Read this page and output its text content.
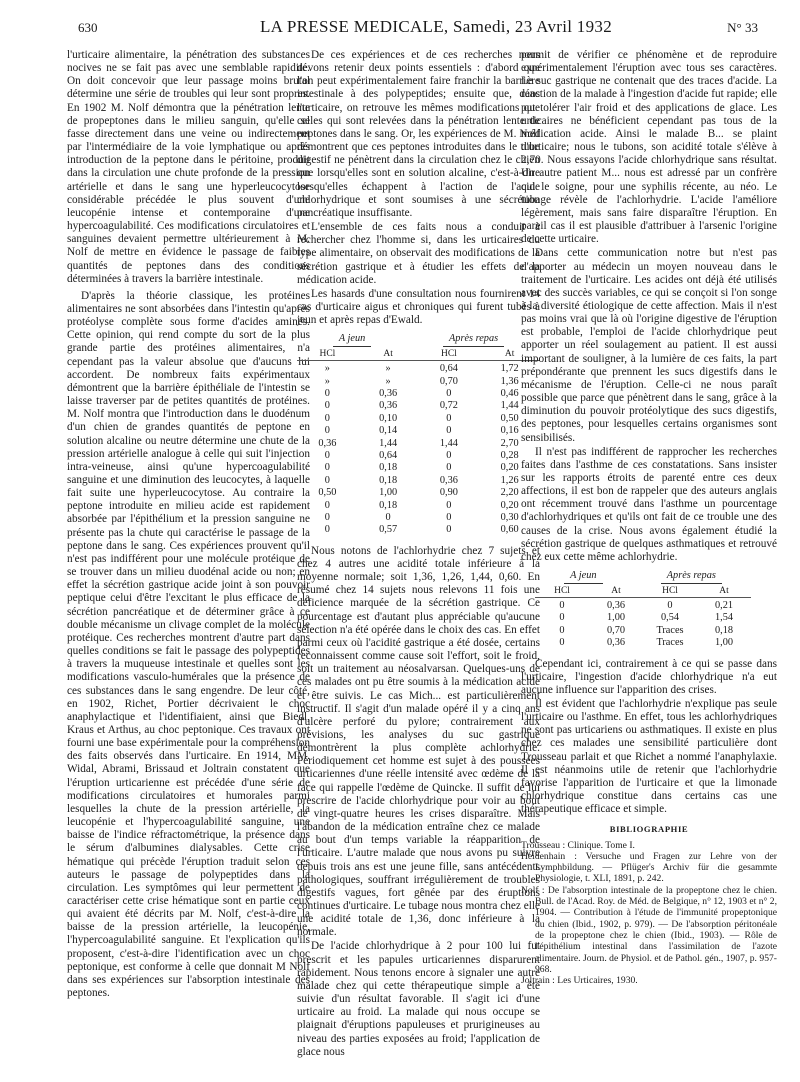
630	LA PRESSE MEDICALE, Samedi, 23 Avril 1932	N° 33

l'urticaire alimentaire, la pénétration des substances nocives ne se fait pas avec une semblable rapidité. On doit concevoir que leur passage moins brutal détermine une série de troubles qui leur sont propres. En 1902 M. Nolf démontra que la pénétration lente de propeptones dans le milieu sanguin, qu'elle se fasse directement dans une veine ou indirectement par l'intermédiaire de la voie lymphatique ou après introduction de la peptone dans le péritoine, produit dans la circulation une chute profonde de la pression artérielle et dans le sang une hyperleucocytose considérable précédée le plus souvent d'une leucopénie intense et contemporaine d'une hypercoagulabilité. Ces modifications circulatoires et sanguines devaient permettre ultérieurement à M. Nolf de mettre en évidence le passage de faibles quantités de peptones dans des conditions déterminées à travers la barrière intestinale.

D'après la théorie classique, les protéines alimentaires ne sont absorbées dans l'intestin qu'après protéolyse complète sous forme d'acides aminés. Cette opinion, qui rend compte du sort de la plus grande partie des protéines alimentaires, n'a cependant pas la valeur absolue que d'aucuns lui accordent. De nombreux faits expérimentaux démontrent que la barrière épithéliale de l'intestin se laisse traverser par de petites quantités de protéines. M. Nolf montra que l'introduction dans le duodénum d'un chien de grandes quantités de peptone en solution alcaline ou neutre détermine une chute de la pression artérielle analogue à celle qui suit l'injection intra-veineuse, ainsi qu'une hypercoagulabilité sanguine et une diminution des leucocytes, à laquelle fait suite une hyperleucocytose. Au contraire la peptone introduite en milieu acide est rapidement absorbée par l'épithélium et la pression sanguine ne présente pas la chute qui caractérise le passage de la peptone dans le sang. Ces expériences prouvent qu'il n'est pas indifférent pour une molécule protéique de se trouver dans un milieu duodénal acide ou non; en effet la sécrétion gastrique acide joint à son pouvoir peptique celui d'être l'excitant le plus efficace de la sécrétion pancréatique et de déterminer grâce à ce double mécanisme un clivage complet de la molécule protéique. Ces recherches montrent d'autre part dans quelles conditions se fait le passage des polypeptides à travers la muqueuse intestinale et quelles sont les modifications vasculo-humérales que la présence de ces substances dans le sang engendre. De leur côté, en 1902, Richet, Portier décrivaient le choc anaphylactique et l'identifiaient, ainsi que Biedl, Kraus et Arthus, au choc peptonique. Ces travaux ont fourni une base expérimentale pour la compréhension des faits observés dans l'urticaire. En 1914, MM. Widal, Abrami, Brissaud et Joltrain constatent que l'éruption urticarienne est précédée d'une série de modifications circulatoires et humorales parmi lesquelles la chute de la pression artérielle, la leucopénie et l'hypercoagulabilité sanguine, une baisse de l'indice réfractométrique, la présence dans le sérum d'albumines dialysables. Cette crise hématique qui précède l'éruption traduit selon ces auteurs le passage de polypeptides dans la circulation. Les symptômes qui leur permettent de caractériser cette crise hématique sont en partie ceux qui avaient été décrits par M. Nolf, c'est-à-dire la baisse de la pression artérielle, la leucopénie, l'hypercoagulabilité sanguine. Et l'explication qu'ils proposent, c'est-à-dire l'identification avec un choc peptonique, est conforme à celle que donnait M Nolf dans ses expériences sur l'absorption intestinale des peptones.

De ces expériences et de ces recherches nous devons retenir deux points essentiels : d'abord que l'on peut expérimentalement faire franchir la barrière intestinale à des polypeptides; ensuite que, dans l'urticaire, on retrouve les mêmes modifications que celles qui sont relevées dans la pénétration lente de peptones dans le sang. Or, les expériences de M. Nolf démontrent que ces peptones introduites dans le tube digestif ne pénètrent dans la circulation chez le chien que lorsqu'elles sont en solution alcaline, c'est-à-dire lorsqu'elles échappent à l'action de l'acide chlorhydrique et sont soumises à une sécrétion pancréatique insuffisante.

L'ensemble de ces faits nous a conduit à rechercher chez l'homme si, dans les urticaires du type alimentaire, on observait des modifications de la sécrétion gastrique et à étudier les effets de la médication acide.

Les hasards d'une consultation nous fournirent 14 cas d'urticaire aigus et chroniques qui furent tubés à jeun et après repas d'Ewald.

A jeun	Après repas
HCl	At	HCl	At
»	»	0,64	1,72
»	»	0,70	1,36
0	0,36	0	0,46
0	0,36	0,72	1,44
0	0,10	0	0,50
0	0,14	0	0,16
0,36	1,44	1,44	2,70
0	0,64	0	0,28
0	0,18	0	0,20
0	0,18	0,36	1,26
0,50	1,00	0,90	2,20
0	0,18	0	0,20
0	0	0	0,30
0	0,57	0	0,60

Nous notons de l'achlorhydrie chez 7 sujets et chez 4 autres une acidité totale inférieure à la moyenne normale; soit 1,36, 1,26, 1,44, 0,60. En résumé chez 14 sujets nous relevons 11 fois une déficience marquée de la sécrétion gastrique. Ce pourcentage est d'autant plus appréciable qu'aucune sélection n'a été opérée dans le choix des cas. En effet parmi ceux où l'acidité gastrique a été dosée, certains reconnaissent comme cause soit l'effort, soit le froid, soit un traitement au néosalvarsan. Quelques-uns de ces malades ont pu être soumis à la médication acide et être suivis. Le cas Mich... est particulièrement instructif. Il s'agit d'un malade opéré il y a cinq ans d'ulcère perforé du pylore; contrairement aux prévisions, les analyses du suc gastrique démontrèrent la plus complète achlorhydrie. Périodiquement cet homme est sujet à des poussées urticariennes d'une réelle intensité avec œdème de la face qui rappelle l'œdème de Quincke. Il suffit de lui prescrire de l'acide chlorhydrique pour voir au bout de vingt-quatre heures les crises disparaître. Mais l'abandon de la médication entraîne chez ce malade au bout d'un temps variable la réapparition de l'urticaire. L'autre malade que nous avons pu suivre depuis trois ans est une jeune fille, sans antécédents pathologiques, souffrant irrégulièrement de troubles digestifs vagues, fort gênée par des éruptions continues d'urticaire. Le tubage nous montra chez elle une acidité totale de 1,36, donc inférieure à la normale.

De l'acide chlorhydrique à 2 pour 100 lui fut prescrit et les papules urticariennes disparurent rapidement. Nous tenons encore à signaler une autre malade chez qui cette thérapeutique simple a été suivie d'un résultat favorable. Il s'agit ici d'une urticaire au froid. La malade qui nous occupe se plaignait d'éruptions papuleuses et prurigineuses au niveau des parties exposées au froid; l'application de glace nous

permit de vérifier ce phénomène et de reproduire expérimentalement l'éruption avec tous ses caractères. Le suc gastrique ne contenait que des traces d'acide. La réaction de la malade à l'ingestion d'acide fut rapide; elle put tolérer l'air froid et des applications de glace. Les urticaires ne bénéficient cependant pas tous de la médication acide. Ainsi le malade B... se plaint d'urticaire; nous le tubons, son acidité totale s'élève à 2,70. Nous essayons l'acide chlorhydrique sans résultat. Un autre patient M... nous est adressé par un confrère qui le soigne, pour une syphilis récente, au néo. Le tubage révèle de l'achlorhydrie. L'acide l'améliore légèrement, mais sans faire disparaître l'éruption. En pareil cas il est plausible d'attribuer à l'arsenic l'origine de cette urticaire.

Dans cette communication notre but n'est pas d'apporter au médecin un moyen nouveau dans le traitement de l'urticaire. Les acides ont déjà été utilisés avec des succès variables, ce qui se conçoit si l'on songe à la diversité étiologique de cette affection. Mais il n'est pas moins vrai que là où l'origine digestive de l'éruption est probable, l'emploi de l'acide chlorhydrique peut apporter un réel soulagement au patient. Il est aussi important de souligner, à la lumière de ces faits, la part prépondérante que prennent les sucs digestifs dans le mécanisme de l'éruption. Celle-ci ne nous paraît possible que parce que pénètrent dans le sang, grâce à la diminution du pouvoir protéolytique des sucs digestifs, des peptones, pour lesquelles certains organismes sont sensibilisés.

Il n'est pas indifférent de rapprocher les recherches faites dans l'asthme de ces constatations. Sans insister sur les rapports étroits de parenté entre ces deux affections, il est bon de rappeler que des auteurs anglais ont récemment trouvé dans l'asthme un pourcentage d'achlorhydriques et qu'ils ont fait de ce trouble une des causes de la crise. Nous avons également étudié la sécrétion gastrique de quelques asthmatiques et retrouvé chez eux cette même achlorhydrie.

A jeun	Après repas
HCl	At	HCl	At
0	0,36	0	0,21
0	1,00	0,54	1,54
0	0,70	Traces	0,18
0	0,36	Traces	1,00

Cependant ici, contrairement à ce qui se passe dans l'urticaire, l'ingestion d'acide chlorhydrique n'a eut aucune influence sur l'apparition des crises.

Il est évident que l'achlorhydrie n'explique pas seule l'urticaire ou l'asthme. En effet, tous les achlorhydriques ne sont pas urticariens ou asthmatiques. Il existe en plus chez ces malades une sensibilité particulière dont Trousseau parlait et que Richet a nommé l'anaphylaxie. Il est néanmoins utile de retenir que l'achlorhydrie favorise l'apparition de l'urticaire et que la limonade chlorhydrique constitue dans certains cas une thérapeutique efficace et simple.

BIBLIOGRAPHIE

Trousseau : Clinique. Tome I.

Heidenhain : Versuche und Fragen zur Lehre von der Lymphbildung. — Pflüger's Archiv für die gesammte Physiologie, t. XLI, 1891, p. 242.

Nolf : De l'absorption intestinale de la propeptone chez le chien. Bull. de l'Acad. Roy. de Méd. de Belgique, n° 12, 1903 et n° 2, 1904. — Contribution à l'étude de l'immunité propeptonique du chien (Ibid., 1902, p. 979). — De l'absorption péritonéale de la propeptone chez le chien (Ibid., 1903). — Rôle de l'épithélium intestinal dans l'assimilation de l'azote alimentaire. Journ. de Physiol. et de Pathol. gén., 1907, p. 957-968.

Joltrain : Les Urticaires, 1930.
